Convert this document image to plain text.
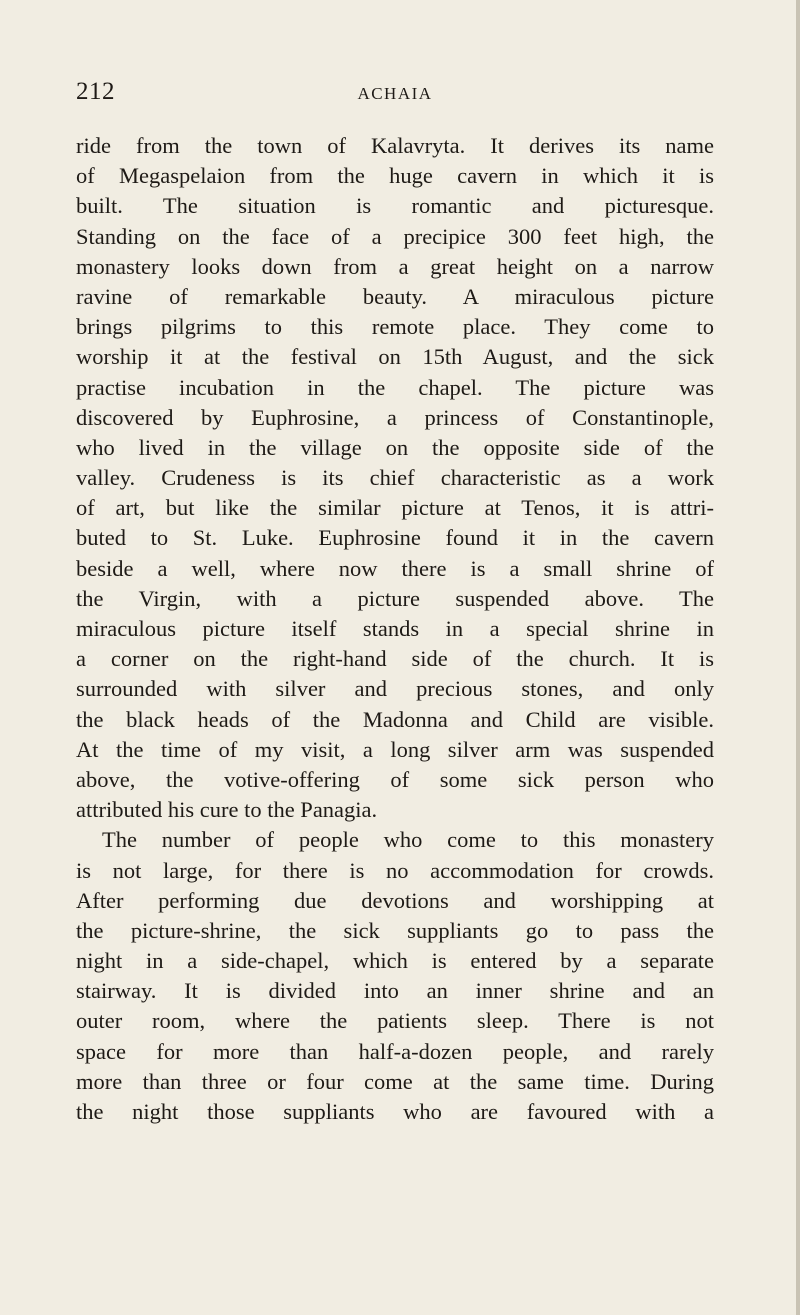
212	ACHAIA
ride from the town of Kalavryta. It derives its name
of Megaspelaion from the huge cavern in which it is
built. The situation is romantic and picturesque.
Standing on the face of a precipice 300 feet high, the
monastery looks down from a great height on a narrow
ravine of remarkable beauty. A miraculous picture
brings pilgrims to this remote place. They come to
worship it at the festival on 15th August, and the sick
practise incubation in the chapel. The picture was
discovered by Euphrosine, a princess of Constantinople,
who lived in the village on the opposite side of the
valley. Crudeness is its chief characteristic as a work
of art, but like the similar picture at Tenos, it is attri-
buted to St. Luke. Euphrosine found it in the cavern
beside a well, where now there is a small shrine of
the Virgin, with a picture suspended above. The
miraculous picture itself stands in a special shrine in
a corner on the right-hand side of the church. It is
surrounded with silver and precious stones, and only
the black heads of the Madonna and Child are visible.
At the time of my visit, a long silver arm was suspended
above, the votive-offering of some sick person who
attributed his cure to the Panagia.
The number of people who come to this monastery
is not large, for there is no accommodation for crowds.
After performing due devotions and worshipping at
the picture-shrine, the sick suppliants go to pass the
night in a side-chapel, which is entered by a separate
stairway. It is divided into an inner shrine and an
outer room, where the patients sleep. There is not
space for more than half-a-dozen people, and rarely
more than three or four come at the same time. During
the night those suppliants who are favoured with a
